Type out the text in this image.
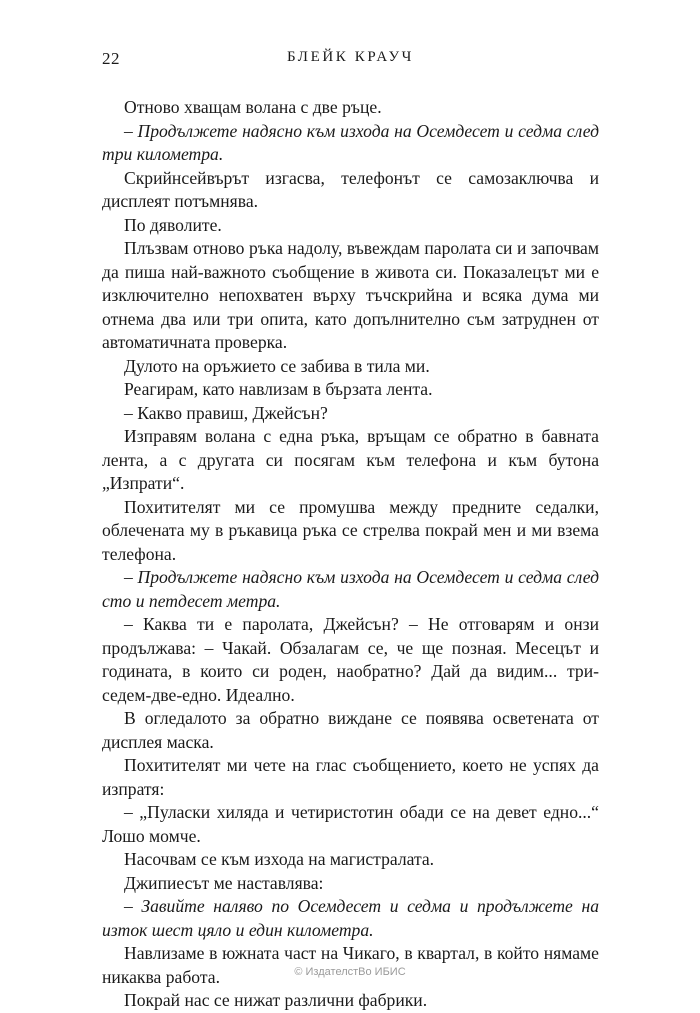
22	БЛЕЙК КРАУЧ

Отново хващам волана с две ръце.

– Продължете надясно към изхода на Осемдесет и седма след три километра.

Скрийнсейвърът изгасва, телефонът се самозаключва и дисплеят потъмнява.

По дяволите.

Плъзвам отново ръка надолу, въвеждам паролата си и започвам да пиша най-важното съобщение в живота си. Показалецът ми е изключително непохватен върху тъчскрийна и всяка дума ми отнема два или три опита, като допълнително съм затруднен от автоматичната проверка.

Дулото на оръжието се забива в тила ми.

Реагирам, като навлизам в бързата лента.

– Какво правиш, Джейсън?

Изправям волана с една ръка, връщам се обратно в бавната лента, а с другата си посягам към телефона и към бутона „Изпрати“.

Похитителят ми се промушва между предните седалки, облечената му в ръкавица ръка се стрелва покрай мен и ми взема телефона.

– Продължете надясно към изхода на Осемдесет и седма след сто и петдесет метра.

– Каква ти е паролата, Джейсън? – Не отговарям и онзи продължава: – Чакай. Обзалагам се, че ще позная. Месецът и годината, в които си роден, наобратно? Дай да видим... три-седем-две-едно. Идеално.

В огледалото за обратно виждане се появява осветената от дисплея маска.

Похитителят ми чете на глас съобщението, което не успях да изпратя:

– „Пуласки хиляда и четиристотин обади се на девет едно...“ Лошо момче.

Насочвам се към изхода на магистралата.

Джипиесът ме наставлява:

– Завийте наляво по Осемдесет и седма и продължете на изток шест цяло и един километра.

Навлизаме в южната част на Чикаго, в квартал, в който нямаме никаква работа.

Покрай нас се нижат различни фабрики.

© ИздателстВо ИБИС
